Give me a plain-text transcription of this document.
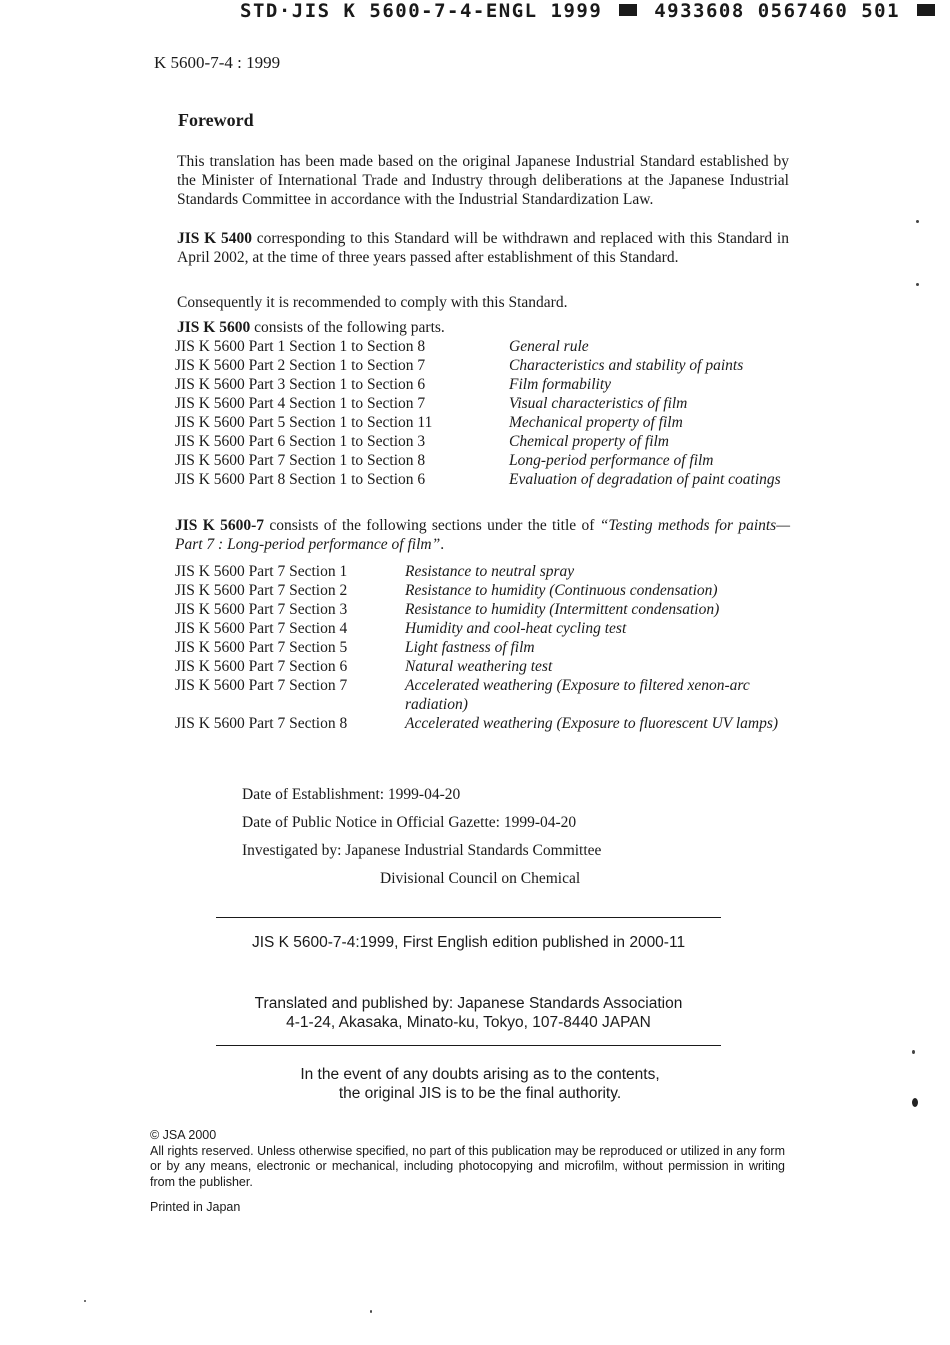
STD·JIS K 5600-7-4-ENGL 1999	4933608 0567460 501
K 5600-7-4 : 1999
Foreword

This translation has been made based on the original Japanese Industrial Standard established by the Minister of International Trade and Industry through deliberations at the Japanese Industrial Standards Committee in accordance with the Industrial Standardization Law.

JIS K 5400 corresponding to this Standard will be withdrawn and replaced with this Standard in April 2002, at the time of three years passed after establishment of this Standard.

Consequently it is recommended to comply with this Standard.

JIS K 5600 consists of the following parts.

JIS K 5600 Part 1 Section 1 to Section 8	General rule
JIS K 5600 Part 2 Section 1 to Section 7	Characteristics and stability of paints
JIS K 5600 Part 3 Section 1 to Section 6	Film formability
JIS K 5600 Part 4 Section 1 to Section 7	Visual characteristics of film
JIS K 5600 Part 5 Section 1 to Section 11	Mechanical property of film
JIS K 5600 Part 6 Section 1 to Section 3	Chemical property of film
JIS K 5600 Part 7 Section 1 to Section 8	Long-period performance of film
JIS K 5600 Part 8 Section 1 to Section 6	Evaluation of degradation of paint coatings

JIS K 5600-7 consists of the following sections under the title of “Testing methods for paints—Part 7 : Long-period performance of film”.

JIS K 5600 Part 7 Section 1	Resistance to neutral spray
JIS K 5600 Part 7 Section 2	Resistance to humidity (Continuous condensation)
JIS K 5600 Part 7 Section 3	Resistance to humidity (Intermittent condensation)
JIS K 5600 Part 7 Section 4	Humidity and cool-heat cycling test
JIS K 5600 Part 7 Section 5	Light fastness of film
JIS K 5600 Part 7 Section 6	Natural weathering test
JIS K 5600 Part 7 Section 7	Accelerated weathering (Exposure to filtered xenon-arc radiation)
JIS K 5600 Part 7 Section 8	Accelerated weathering (Exposure to fluorescent UV lamps)
Date of Establishment: 1999-04-20
Date of Public Notice in Official Gazette: 1999-04-20
Investigated by: Japanese Industrial Standards Committee
Divisional Council on Chemical

JIS K 5600-7-4:1999, First English edition published in 2000-11

Translated and published by: Japanese Standards Association
4-1-24, Akasaka, Minato-ku, Tokyo, 107-8440 JAPAN
In the event of any doubts arising as to the contents,
the original JIS is to be the final authority.

© JSA 2000

All rights reserved. Unless otherwise specified, no part of this publication may be reproduced or utilized in any form or by any means, electronic or mechanical, including photocopying and microfilm, without permission in writing from the publisher.

Printed in Japan
